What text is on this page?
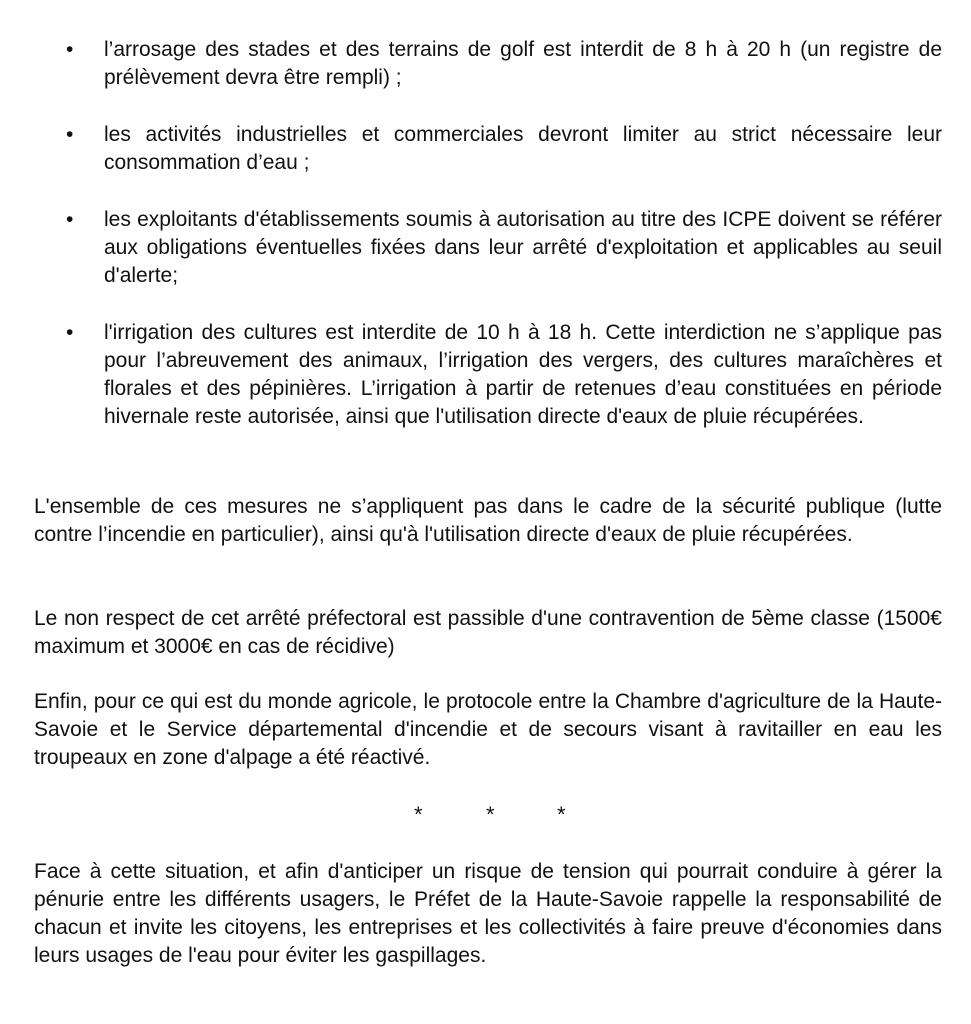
• l’arrosage des stades et des terrains de golf est interdit de 8 h à 20 h (un registre de prélèvement devra être rempli) ;

• les activités industrielles et commerciales devront limiter au strict nécessaire leur consommation d’eau ;

• les exploitants d'établissements soumis à autorisation au titre des ICPE doivent se référer aux obligations éventuelles fixées dans leur arrêté d'exploitation et applicables au seuil d'alerte;

• l'irrigation des cultures est interdite de 10 h à 18 h. Cette interdiction ne s’applique pas pour l’abreuvement des animaux, l’irrigation des vergers, des cultures maraîchères et florales et des pépinières. L’irrigation à partir de retenues d’eau constituées en période hivernale reste autorisée, ainsi que l'utilisation directe d'eaux de pluie récupérées.

L'ensemble de ces mesures ne s’appliquent pas dans le cadre de la sécurité publique (lutte contre l’incendie en particulier), ainsi qu'à l'utilisation directe d'eaux de pluie récupérées.

Le non respect de cet arrêté préfectoral est passible d'une contravention de 5ème classe (1500€ maximum et 3000€ en cas de récidive)

Enfin, pour ce qui est du monde agricole, le protocole entre la Chambre d'agriculture de la Haute-Savoie et le Service départemental d'incendie et de secours visant à ravitailler en eau les troupeaux en zone d'alpage a été réactivé.

*	*	*

Face à cette situation, et afin d'anticiper un risque de tension qui pourrait conduire à gérer la pénurie entre les différents usagers, le Préfet de la Haute-Savoie rappelle la responsabilité de chacun et invite les citoyens, les entreprises et les collectivités à faire preuve d'économies dans leurs usages de l'eau pour éviter les gaspillages.
